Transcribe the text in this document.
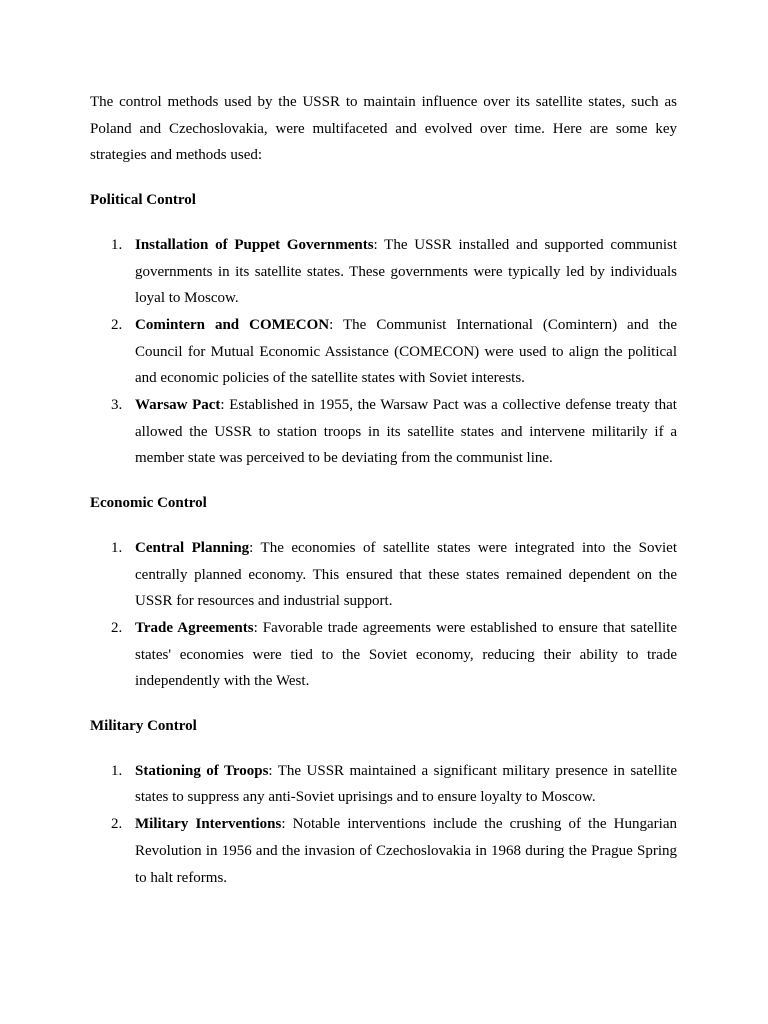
The control methods used by the USSR to maintain influence over its satellite states, such as Poland and Czechoslovakia, were multifaceted and evolved over time. Here are some key strategies and methods used:

Political Control
1. Installation of Puppet Governments: The USSR installed and supported communist governments in its satellite states. These governments were typically led by individuals loyal to Moscow.
2. Comintern and COMECON: The Communist International (Comintern) and the Council for Mutual Economic Assistance (COMECON) were used to align the political and economic policies of the satellite states with Soviet interests.
3. Warsaw Pact: Established in 1955, the Warsaw Pact was a collective defense treaty that allowed the USSR to station troops in its satellite states and intervene militarily if a member state was perceived to be deviating from the communist line.
Economic Control
1. Central Planning: The economies of satellite states were integrated into the Soviet centrally planned economy. This ensured that these states remained dependent on the USSR for resources and industrial support.
2. Trade Agreements: Favorable trade agreements were established to ensure that satellite states' economies were tied to the Soviet economy, reducing their ability to trade independently with the West.
Military Control
1. Stationing of Troops: The USSR maintained a significant military presence in satellite states to suppress any anti-Soviet uprisings and to ensure loyalty to Moscow.
2. Military Interventions: Notable interventions include the crushing of the Hungarian Revolution in 1956 and the invasion of Czechoslovakia in 1968 during the Prague Spring to halt reforms.
